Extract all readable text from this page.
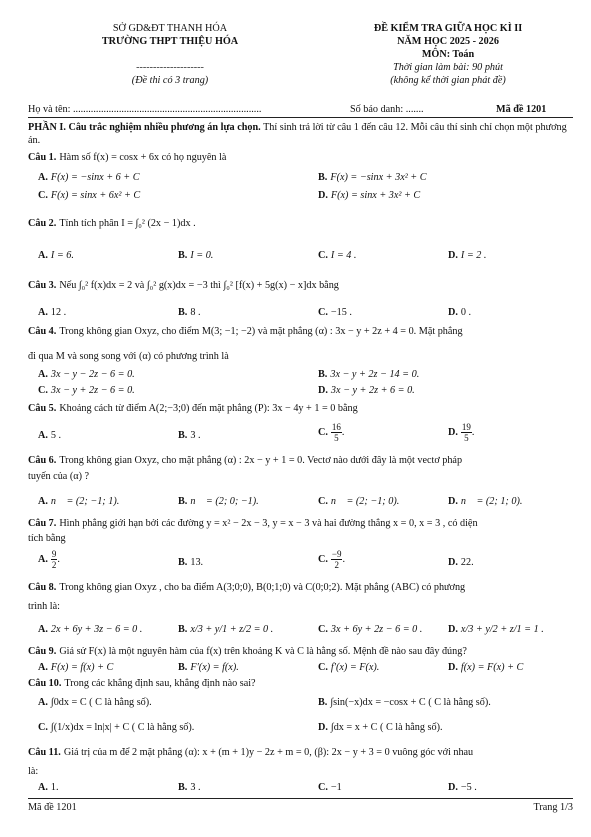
SỞ GD&ĐT THANH HÓA
TRƯỜNG THPT THIỆU HÓA
--------------------
(Đề thi có 3 trang)
ĐỀ KIỂM TRA GIỮA HỌC KÌ II
NĂM HỌC 2025 - 2026
MÔN: Toán
Thời gian làm bài: 90 phút
(không kể thời gian phát đề)
Họ và tên: ..........................................................................	Số báo danh: .......	Mã đề 1201
PHẦN I. Câu trắc nghiệm nhiều phương án lựa chọn. Thí sinh trả lời từ câu 1 đến câu 12. Mỗi câu thí sinh chỉ chọn một phương án.
Câu 1. Hàm số f(x) = cosx + 6x có họ nguyên là
A. F(x) = −sinx + 6 + C	B. F(x) = −sinx + 3x² + C
C. F(x) = sinx + 6x² + C	D. F(x) = sinx + 3x² + C
Câu 2. Tính tích phân I = ∫₀² (2x − 1)dx .
A. I = 6.	B. I = 0.	C. I = 4 .	D. I = 2 .
Câu 3. Nếu ∫₀² f(x)dx = 2 và ∫₀² g(x)dx = −3 thì ∫₀² [f(x) + 5g(x) − x]dx bằng
A. 12 .	B. 8 .	C. −15 .	D. 0 .
Câu 4. Trong không gian Oxyz, cho điểm M(3; −1; −2) và mặt phẳng (α) : 3x − y + 2z + 4 = 0. Mặt phẳng
đi qua M và song song với (α) có phương trình là
A. 3x − y − 2z − 6 = 0.	B. 3x − y + 2z − 14 = 0.
C. 3x − y + 2z − 6 = 0.	D. 3x − y + 2z + 6 = 0.
Câu 5. Khoảng cách từ điểm A(2;−3;0) đến mặt phẳng (P): 3x − 4y + 1 = 0 bằng
A. 5 .	B. 3 .	C. $\frac{16}{5}$ .	D. $\frac{19}{5}$ .
Câu 6. Trong không gian Oxyz, cho mặt phẳng (α) : 2x − y + 1 = 0. Vectơ nào dưới đây là một vectơ pháp
tuyến của (α) ?
A. n⃗ = (2; −1; 1).	B. n⃗ = (2; 0; −1).	C. n⃗ = (2; −1; 0).	D. n⃗ = (2; 1; 0).
Câu 7. Hình phẳng giới hạn bởi các đường y = x² − 2x − 3, y = x − 3 và hai đường thẳng x = 0, x = 3 , có diện
tích bằng
A. $\frac{9}{2}$ .	B. 13.	C. $\frac{-9}{2}$ .	D. 22.
Câu 8. Trong không gian Oxyz , cho ba điểm A(3;0;0), B(0;1;0) và C(0;0;2). Mặt phẳng (ABC) có phương
trình là:
A. 2x + 6y + 3z − 6 = 0 .	B. x/3 + y/1 + z/2 = 0 .	C. 3x + 6y + 2z − 6 = 0 .	D. x/3 + y/2 + z/1 = 1 .
Câu 9. Giả sử F(x) là một nguyên hàm của f(x) trên khoảng K và C là hằng số. Mệnh đề nào sau đây đúng?
A. F(x) = f(x) + C	B. F′(x) = f(x).	C. f′(x) = F(x).	D. f(x) = F(x) + C
Câu 10. Trong các khẳng định sau, khẳng định nào sai?
A. ∫0dx = C ( C là hằng số).	B. ∫sin(−x)dx = −cosx + C ( C là hằng số).
C. ∫(1/x)dx = ln|x| + C ( C là hằng số).	D. ∫dx = x + C ( C là hằng số).
Câu 11. Giá trị của m để 2 mặt phẳng (α): x + (m + 1)y − 2z + m = 0, (β): 2x − y + 3 = 0 vuông góc với nhau
là:
A. 1.	B. 3 .	C. −1	D. −5 .
Mã đề 1201	Trang 1/3
